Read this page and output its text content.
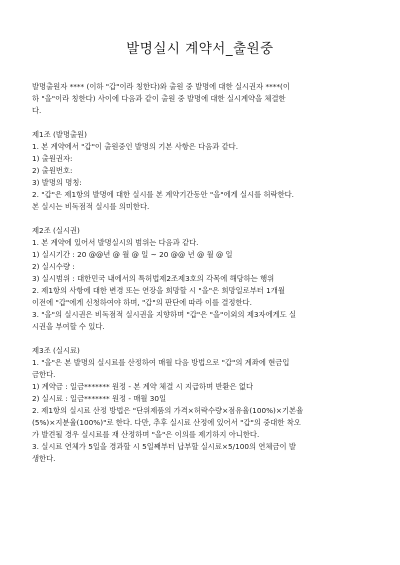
발명실시 계약서_출원중

발명출원자 **** (이하 "갑"이라 칭한다)와 출원 중 발명에 대한 실시권자 ****(이

하 "을"이라 칭한다) 사이에 다음과 같이 출원 중 발명에 대한 실시계약을 체결한

다.

제1조 (발명출원)

1. 본 계약에서 "갑"이 출원중인 발명의 기본 사항은 다음과 같다.

1) 출원권자:

2) 출원번호:

3) 발명의 명칭:

2. "갑"은 제1항의 발명에 대한 실시를 본 계약기간동안 "을"에게 실시를 허락한다.

본 실시는 비독점적 실시를 의미한다.

제2조 (실시권)

1. 본 계약에 있어서 발명실시의 범위는 다음과 같다.

1) 실시기간 : 20 @@년 @ 월 @ 일 ~ 20 @@ 년 @ 월 @ 일

2) 실시수량 :

3) 실시범위 : 대한민국 내에서의 특허법제2조제3호의 각목에 해당하는 행위

2. 제1항의 사항에 대한 변경 또는 연장을 희망할 시 "을"은 희망일로부터 1개월

이전에 "갑"에게 신청하여야 하며, "갑"의 판단에 따라 이를 결정한다.

3. "을"의 실시권은 비독점적 실시권을 지향하며 "갑"은 "을"이외의 제3자에게도 실

시권을 부여할 수 있다.

제3조 (실시료)

1. "을"은 본 발명의 실시료를 산정하여 매월 다음 방법으로 "갑"의 계좌에 현금입

금한다.

1) 계약금 : 일금******* 원정 - 본 계약 체결 시 지급하며 반환은 없다

2) 실시료 : 일금******* 원정 - 매월 30일

2. 제1항의 실시료 산정 방법은 "단위제품의 가격×허락수량×점유율(100%)×기본율

(5%)×지분율(100%)"로 한다. 다만, 추후 실시료 산정에 있어서 "갑"의 중대한 착오

가 발견될 경우 실시료를 재 산정하며 "을"은 이의를 제기하지 아니한다.

3. 실시료 연체가 5일을 경과할 시 5일째부터 납부할 실시료×5/100의 연체금이 발

생한다.
